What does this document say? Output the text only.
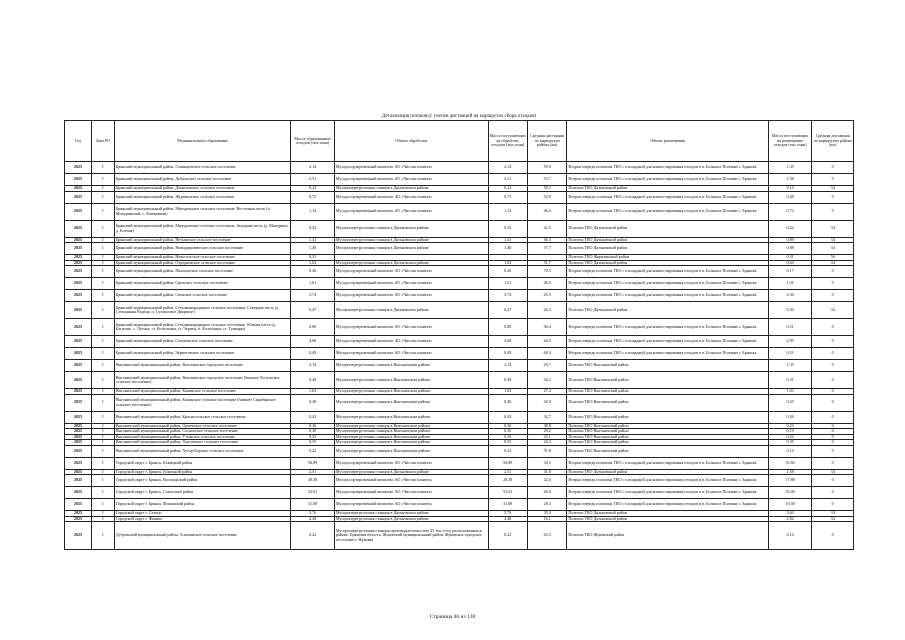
Детализация потоков (с учетом дистанций на маршрутах сбора отходов)
Год	Зона РО	Муниципальное образование	Масса образованных отходов (тыс.тонн)	Объект обработки	Масса поступающих на обработку отходов (тыс.тонн)	Средняя дистанция по маршрутам района (км)	Объект размещения	Масса поступающих на размещение отходов (тыс.тонн)	Средняя дистанция по маршрутам района (км)
2025	I	Брянский муниципальный район, Глинищевское сельское поселение	2,14	Мусоросортировочный комплекс АО «Чистая планета»	2,14	59,0	Вторая очередь полигона ТКО с площадкой для компостирования отходов в п. Большое Полпино г. Брянска	1,35	0
2025	I	Брянский муниципальный район, Добрунское сельское поселение	2,51	Мусоросортировочный комплекс АО «Чистая планета»	2,51	53,7	Вторая очередь полигона ТКО с площадкой для компостирования отходов в п. Большое Полпино г. Брянска	1,58	0
2025	I	Брянский муниципальный район, Домашовское сельское поселение	0,23	Мусороперегрузочная станция в Дятьковском районе	0,23	58,3	Полигон ТКО Дятьковский район	0,15	34
2025	I	Брянский муниципальный район, Журиничское сельское поселение	0,75	Мусоросортировочный комплекс АО «Чистая планета»	0,75	52,9	Вторая очередь полигона ТКО с площадкой для компостирования отходов в п. Большое Полпино г. Брянска	0,48	0
2025	I	Брянский муниципальный район, Мичуринское сельское поселение, Восточная часть (п. Мичуринский, с. Ковшевичи)	1,14	Мусоросортировочный комплекс АО «Чистая планета»	1,14	46,4	Вторая очередь полигона ТКО с площадкой для компостирования отходов в п. Большое Полпино г. Брянска	0,72	0
2025	I	Брянский муниципальный район, Мичуринское сельское поселение, Западная часть (д. Мичурино, д. Клетня)	0,35	Мусороперегрузочная станция в Дятьковском районе	0,35	42,5	Полигон ТКО Дятьковский район	0,22	34
2025	I	Брянский муниципальный район, Нетьинское сельское поселение	1,41	Мусороперегрузочная станция в Дятьковском районе	1,41	46,3	Полигон ТКО Дятьковский район	0,89	34
2025	I	Брянский муниципальный район, Новодарковичское сельское поселение	1,40	Мусороперегрузочная станция в Дятьковском районе	1,40	37,7	Полигон ТКО Дятьковский район	0,88	34
2025	I	Брянский муниципальный район, Новосельское сельское поселение	0,31				Полигон ТКО Жирятинский район	0,31	56
2025	I	Брянский муниципальный район, Отрадненское сельское поселение	1,02	Мусороперегрузочная станция в Дятьковском районе	1,02	51,7	Полигон ТКО Дятьковский район	0,64	34
2025	I	Брянский муниципальный район, Пальцовское сельское поселение	0,26	Мусоросортировочный комплекс АО «Чистая планета»	0,26	70,5	Вторая очередь полигона ТКО с площадкой для компостирования отходов в п. Большое Полпино г. Брянска	0,17	0
2025	I	Брянский муниципальный район, Снежское сельское поселение	1,61	Мусоросортировочный комплекс АО «Чистая планета»	1,61	46,3	Вторая очередь полигона ТКО с площадкой для компостирования отходов в п. Большое Полпино г. Брянска	1,01	0
2025	I	Брянский муниципальный район, Свенское сельское поселение	3,74	Мусоросортировочный комплекс АО «Чистая планета»	3,74	45,5	Вторая очередь полигона ТКО с площадкой для компостирования отходов в п. Большое Полпино г. Брянска	2,36	0
2025	I	Брянский муниципальный район, Стекляннорадицкое сельское поселение, Северная часть (д. Стеклянная Радица, п. Сухоноское Дворище)	0,47	Мусороперегрузочная станция в Дятьковском районе	0,47	26,4	Полигон ТКО Дятьковский район	0,30	34
2025	I	Брянский муниципальный район, Стекляннорадицкое сельское поселение, Южная часть (д. Батагово, с. Лесное, ст. Колесники, ст. Чернец, п. Колесники, ст. Тункоры)	0,80	Мусоросортировочный комплекс АО «Чистая планета»	0,80	36,4	Вторая очередь полигона ТКО с площадкой для компостирования отходов в п. Большое Полпино г. Брянска	0,51	0
2025	I	Брянский муниципальный район, Супоневское сельское поселение	4,68	Мусоросортировочный комплекс АО «Чистая планета»	4,68	44,5	Вторая очередь полигона ТКО с площадкой для компостирования отходов в п. Большое Полпино г. Брянска	2,95	0
2025	I	Брянский муниципальный район, Чернетовское сельское поселение	0,49	Мусоросортировочный комплекс АО «Чистая планета»	0,49	68,4	Вторая очередь полигона ТКО с площадкой для компостирования отходов в п. Большое Полпино г. Брянска	0,31	0
2025	I	Выгоничский муниципальный район, Выгоничское городское поселение	2,14	Мусороперегрузочная станция в Выгоничском районе	2,14	29,7	Полигон ТКО Выгоничский район	1,35	0
2025	I	Выгоничский муниципальный район, Выгоничское городское поселение (бывшее Лопушское сельское поселение)	0,49	Мусороперегрузочная станция в Выгоничском районе	0,49	34,2	Полигон ТКО Выгоничский район	0,31	0
2025	I	Выгоничский муниципальный район, Кокинское сельское поселение	1,63	Мусороперегрузочная станция в Выгоничском районе	1,63	27,4	Полигон ТКО Выгоничский район	1,03	0
2025	I	Выгоничский муниципальный район, Кокинское сельское поселение (бывшее Скрябинское сельское поселение)	0,40	Мусороперегрузочная станция в Выгоничском районе	0,40	32,0	Полигон ТКО Выгоничский район	0,25	0
2025	I	Выгоничский муниципальный район, Красносельское сельское поселение	0,42	Мусороперегрузочная станция в Выгоничском районе	0,42	32,7	Полигон ТКО Выгоничский район	0,26	0
2025	I	Выгоничский муниципальный район, Орменское сельское поселение	0,36	Мусороперегрузочная станция в Выгоничском районе	0,36	38,8	Полигон ТКО Выгоничский район	0,23	0
2025	I	Выгоничский муниципальный район, Сосновское сельское поселение	0,30	Мусороперегрузочная станция в Выгоничском районе	0,30	29,2	Полигон ТКО Выгоничский район	0,19	0
2025	I	Выгоничский муниципальный район, Утынское сельское поселение	0,35	Мусороперегрузочная станция в Выгоничском районе	0,35	45,1	Полигон ТКО Выгоничский район	0,22	0
2025	I	Выгоничский муниципальный район, Хмелевское сельское поселение	0,55	Мусороперегрузочная станция в Выгоничском районе	0,55	44,3	Полигон ТКО Выгоничский район	0,35	0
2025	I	Выгоничский муниципальный район, Хутор-Борское сельское поселение	0,22	Мусороперегрузочная станция в Выгоничском районе	0,22	51,8	Полигон ТКО Выгоничский район	0,14	0
2025	I	Городской округ г. Брянск, Бежицкий район	56,89	Мусоросортировочный комплекс АО «Чистая планета»	56,89	34,5	Вторая очередь полигона ТКО с площадкой для компостирования отходов в п. Большое Полпино г. Брянска	35,84	0
2025	I	Городской округ г. Брянск, Бежицкий район	2,51	Мусороперегрузочная станция в Дятьковском районе	2,51	31,8	Полигон ТКО Дятьковский район	1,58	34
2025	I	Городской округ г. Брянск, Володарский район	28,38	Мусоросортировочный комплекс АО «Чистая планета»	28,38	22,4	Вторая очередь полигона ТКО с площадкой для компостирования отходов в п. Большое Полпино г. Брянска	17,88	0
2025	I	Городской округ г. Брянск, Советский район	53,01	Мусоросортировочный комплекс АО «Чистая планета»	53,01	26,6	Вторая очередь полигона ТКО с площадкой для компостирования отходов в п. Большое Полпино г. Брянска	33,40	0
2025	I	Городской округ г. Брянск, Фокинский район	31,08	Мусоросортировочный комплекс АО «Чистая планета»	31,08	28,3	Вторая очередь полигона ТКО с площадкой для компостирования отходов в п. Большое Полпино г. Брянска	19,58	0
2025	I	Городской округ г. Сельцо	5,76	Мусороперегрузочная станция в Дятьковском районе	5,76	35,2	Полигон ТКО Дятьковский район	3,63	34
2025	I	Городской округ г. Фокино	4,48	Мусороперегрузочная станция в Дятьковском районе	4,48	16,1	Полигон ТКО Дятьковский район	2,82	34
2025	I	Дубровский муниципальный район, Алешинское сельское поселение	0,22	Мусороперегрузочная станция производительностью 25 тыс.т/год расположенная в районе: Брянская область, Жуковский муниципальный район, Жуковское городское поселение г. Жуковка	0,22	63,3	Полигон ТКО Жуковский район	0,14	0
Страница 46 из 130
